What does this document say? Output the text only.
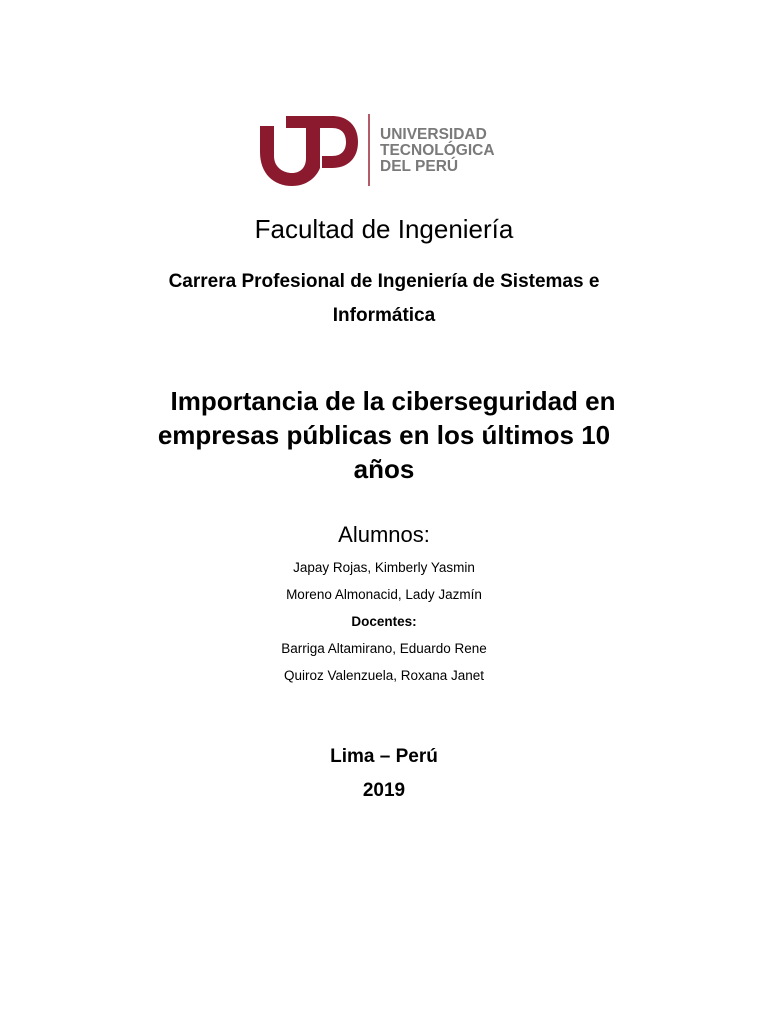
UNIVERSIDAD
TECNOLÓGICA
DEL PERÚ
Facultad de Ingeniería
Carrera Profesional de Ingeniería de Sistemas e
Informática
Importancia de la ciberseguridad en
empresas públicas en los últimos 10
años
Alumnos:
Japay Rojas, Kimberly Yasmin
Moreno Almonacid, Lady Jazmín
Docentes:
Barriga Altamirano, Eduardo Rene
Quiroz Valenzuela, Roxana Janet
Lima – Perú
2019
